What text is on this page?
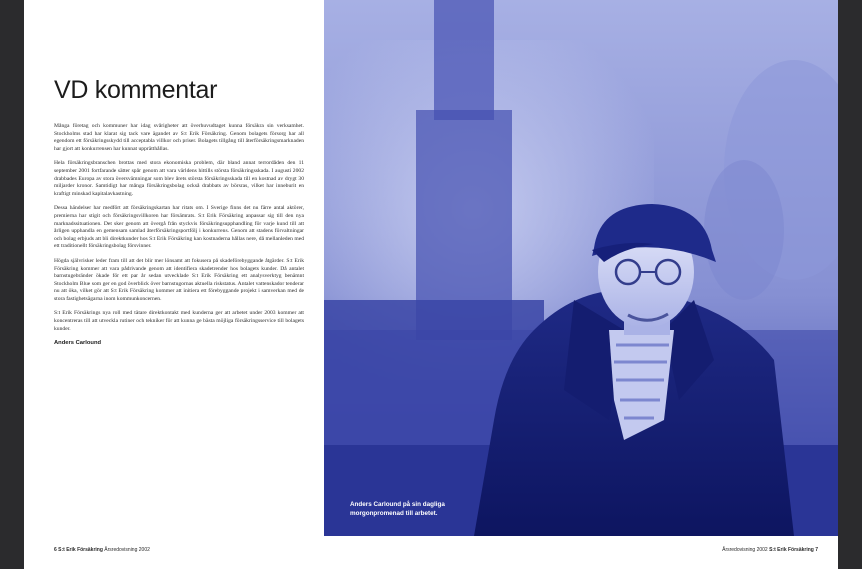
VD kommentar

Många företag och kommuner har idag svårigheter att överhuvudtaget kunna försäkra sin verksamhet. Stockholms stad har klarat sig tack vare ägandet av S:t Erik Försäkring. Genom bolagets försorg har all egendom ett försäkringsskydd till acceptabla villkor och priser. Bolagets tillgång till återförsäkringsmarknaden har gjort att konkurrensen har kunnat upprätthållas.

Hela försäkringsbranschen brottas med stora ekonomiska problem, där bland annat terrordåden den 11 september 2001 fortfarande sätter spår genom att vara världens hittills största försäkringsskada. I augusti 2002 drabbades Europa av stora översvämningar som blev årets största försäkringsskada till en kostnad av drygt 30 miljarder kronor. Samtidigt har många försäkringsbolag också drabbats av börsras, vilket har inneburit en kraftigt minskad kapitalavkastning.

Dessa händelser har medfört att försäkringskartan har ritats om. I Sverige finns det nu färre antal aktörer, premierna har stigit och försäkringsvillkoren har försämrats. S:t Erik Försäkring anpassar sig till den nya marknadssituationen. Det sker genom att övergå från styckvis försäkringsupphandling för varje kund till att årligen upphandla en gemensam samlad återförsäkringsportfölj i konkurrens. Genom att stadens förvaltningar och bolag erbjuds att bli direktkunder hos S:t Erik Försäkring kan kostnaderna hållas nere, då mellanleden med ett traditionellt försäkringsbolag försvinner.

Högda självrisker leder fram till att det blir mer lönsamt att fokusera på skadeförebyggande åtgärder. S:t Erik Försäkring kommer att vara pådrivande genom att identifiera skadetrender hos bolagets kunder. Då antalet barnstugebränder ökade för ett par år sedan utvecklade S:t Erik Försäkring ett analysverktyg benämnt Stockholm Blue som ger en god överblick över barnstugornas aktuella riskstatus. Antalet vattenskador tenderar nu att öka, vilket gör att S:t Erik Försäkring kommer att initiera ett förebyggande projekt i samverkan med de stora fastighetsägarna inom kommunkoncernen.

S:t Erik Försäkrings nya roll med tätare direktkontakt med kunderna ger att arbetet under 2003 kommer att koncentreras till att utveckla rutiner och tekniker för att kunna ge bästa möjliga försäkringsservice till bolagets kunder.

Anders Carlound
6 S:t Erik Försäkring Årsredovisning 2002
Anders Carlound på sin dagliga morgonpromenad till arbetet.
Årsredovisning 2002 S:t Erik Försäkring 7
